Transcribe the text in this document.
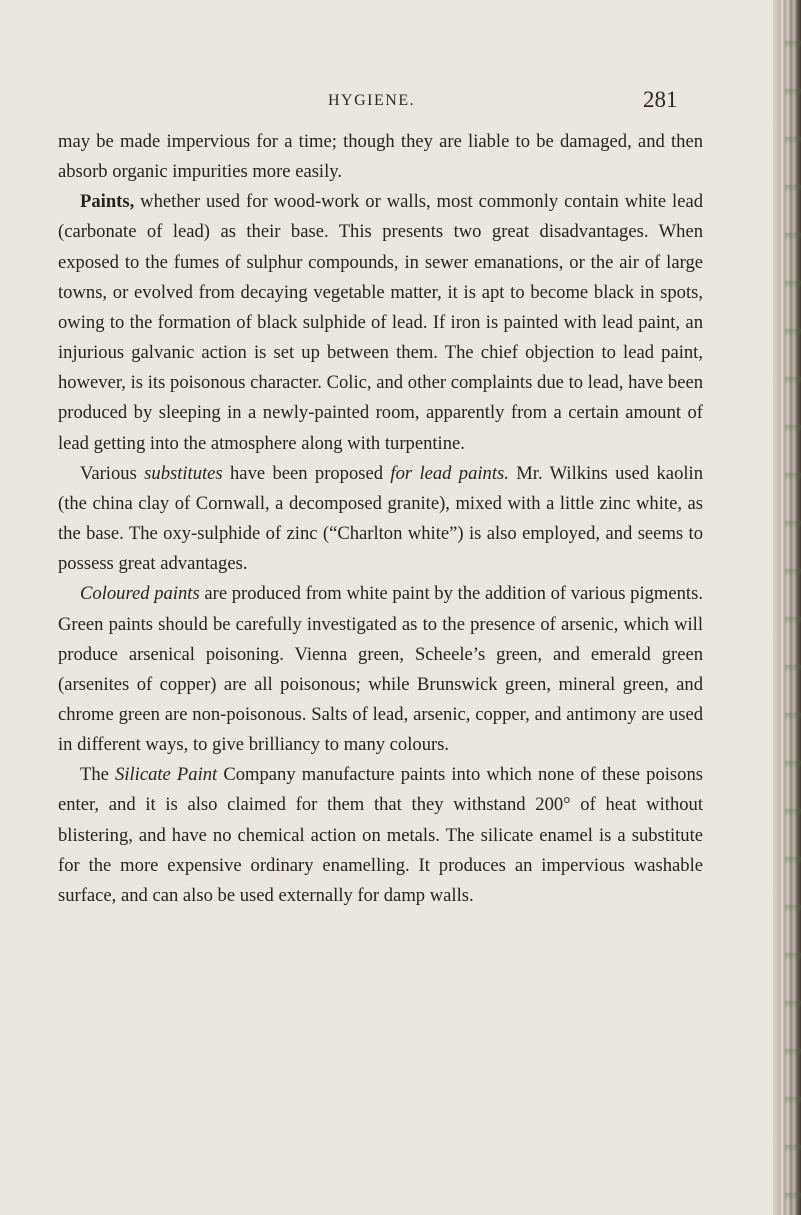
HYGIENE.	281

may be made impervious for a time; though they are liable to be damaged, and then absorb organic impurities more easily.

Paints, whether used for wood-work or walls, most commonly contain white lead (carbonate of lead) as their base. This presents two great disadvantages. When exposed to the fumes of sulphur compounds, in sewer emanations, or the air of large towns, or evolved from decaying vegetable matter, it is apt to become black in spots, owing to the formation of black sulphide of lead. If iron is painted with lead paint, an injurious galvanic action is set up between them. The chief objection to lead paint, however, is its poisonous character. Colic, and other complaints due to lead, have been produced by sleeping in a newly-painted room, apparently from a certain amount of lead getting into the atmosphere along with turpentine.

Various substitutes have been proposed for lead paints. Mr. Wilkins used kaolin (the china clay of Cornwall, a decomposed granite), mixed with a little zinc white, as the base. The oxy-sulphide of zinc (“Charlton white”) is also employed, and seems to possess great advantages.

Coloured paints are produced from white paint by the addition of various pigments. Green paints should be carefully investigated as to the presence of arsenic, which will produce arsenical poisoning. Vienna green, Scheele’s green, and emerald green (arsenites of copper) are all poisonous; while Brunswick green, mineral green, and chrome green are non-poisonous. Salts of lead, arsenic, copper, and antimony are used in different ways, to give brilliancy to many colours.

The Silicate Paint Company manufacture paints into which none of these poisons enter, and it is also claimed for them that they withstand 200° of heat without blistering, and have no chemical action on metals. The silicate enamel is a substitute for the more expensive ordinary enamelling. It produces an impervious washable surface, and can also be used externally for damp walls.
